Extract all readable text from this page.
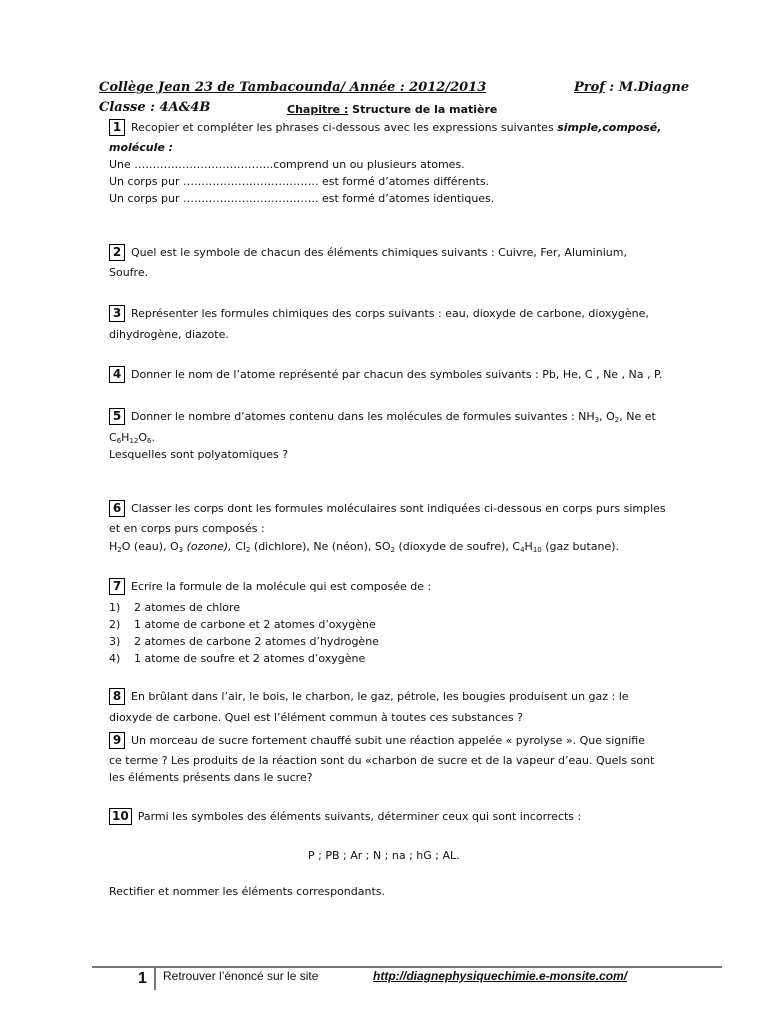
Collège Jean 23 de Tambacounda/ Année : 2012/2013	Prof : M.Diagne
Classe : 4A&4B	Chapitre : Structure de la matière
1 Recopier et compléter les phrases ci-dessous avec les expressions suivantes simple,composé,
molécule :
Une ………………………………..comprend un ou plusieurs atomes.
Un corps pur ………………………………. est formé d’atomes différents.
Un corps pur ………………………………. est formé d’atomes identiques.
2 Quel est le symbole de chacun des éléments chimiques suivants : Cuivre, Fer, Aluminium,
Soufre.
3 Représenter les formules chimiques des corps suivants : eau, dioxyde de carbone, dioxygène,
dihydrogène, diazote.
4 Donner le nom de l’atome représenté par chacun des symboles suivants : Pb, He, C , Ne , Na , P.
5 Donner le nombre d’atomes contenu dans les molécules de formules suivantes : $NH_3$, $O_2$, Ne et
$C_6H_{12}O_6$.
Lesquelles sont polyatomiques ?
6 Classer les corps dont les formules moléculaires sont indiquées ci-dessous en corps purs simples
et en corps purs composés :
$H_2O$ (eau), $O_3$ (ozone), $Cl_2$ (dichlore), Ne (néon), $SO_2$ (dioxyde de soufre), $C_4H_{10}$ (gaz butane).
7 Ecrire la formule de la molécule qui est composée de :
1) 2 atomes de chlore
2) 1 atome de carbone et 2 atomes d’oxygène
3) 2 atomes de carbone 2 atomes d’hydrogène
4) 1 atome de soufre et 2 atomes d’oxygène
8 En brûlant dans l’air, le bois, le charbon, le gaz, pétrole, les bougies produisent un gaz : le
dioxyde de carbone. Quel est l’élément commun à toutes ces substances ?
9 Un morceau de sucre fortement chauffé subit une réaction appelée « pyrolyse ». Que signifie
ce terme ? Les produits de la réaction sont du «charbon de sucre et de la vapeur d’eau. Quels sont
les éléments présents dans le sucre?
10 Parmi les symboles des éléments suivants, déterminer ceux qui sont incorrects :
P ; PB ; Ar ; N ; na ; hG ; AL.
Rectifier et nommer les éléments correspondants.
1 Retrouver l’énoncé sur le site	http://diagnephysiquechimie.e-monsite.com/
